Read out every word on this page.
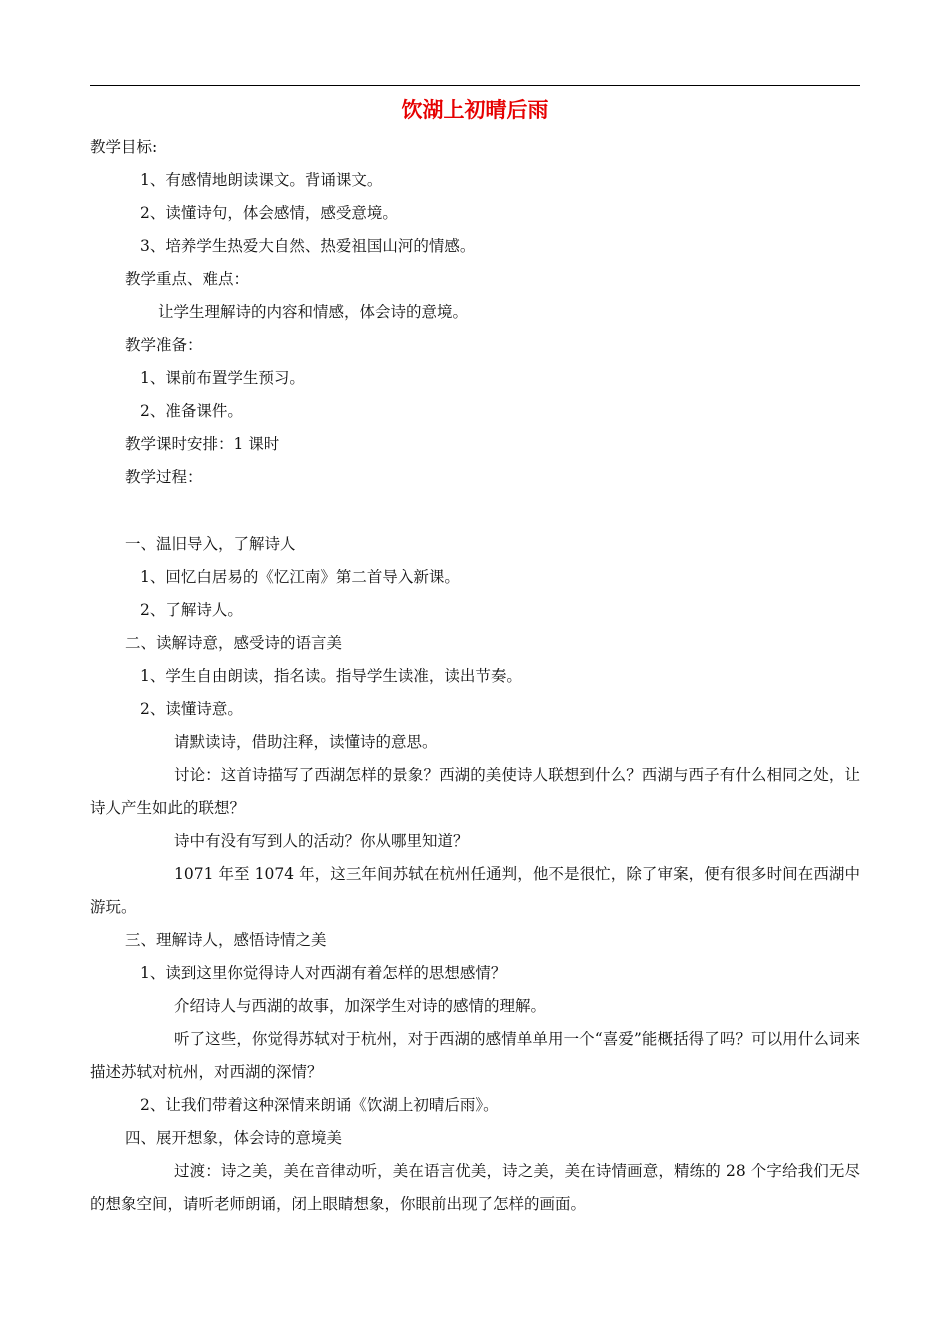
饮湖上初晴后雨
教学目标:
1、有感情地朗读课文。背诵课文。
2、读懂诗句，体会感情，感受意境。
3、培养学生热爱大自然、热爱祖国山河的情感。
教学重点、难点：
让学生理解诗的内容和情感，体会诗的意境。
教学准备：
1、课前布置学生预习。
2、准备课件。
教学课时安排：1 课时
教学过程：
一、温旧导入，了解诗人
1、回忆白居易的《忆江南》第二首导入新课。
2、了解诗人。
二、读解诗意，感受诗的语言美
1、学生自由朗读，指名读。指导学生读准，读出节奏。
2、读懂诗意。
请默读诗，借助注释，读懂诗的意思。

讨论：这首诗描写了西湖怎样的景象？西湖的美使诗人联想到什么？西湖与西子有什么相同之处，让诗人产生如此的联想？

诗中有没有写到人的活动？你从哪里知道？

1071 年至 1074 年，这三年间苏轼在杭州任通判，他不是很忙，除了审案，便有很多时间在西湖中游玩。

三、理解诗人，感悟诗情之美
1、读到这里你觉得诗人对西湖有着怎样的思想感情？
介绍诗人与西湖的故事，加深学生对诗的感情的理解。

听了这些，你觉得苏轼对于杭州，对于西湖的感情单单用一个“喜爱”能概括得了吗？可以用什么词来描述苏轼对杭州，对西湖的深情？

2、让我们带着这种深情来朗诵《饮湖上初晴后雨》。
四、展开想象，体会诗的意境美

过渡：诗之美，美在音律动听，美在语言优美，诗之美，美在诗情画意，精练的 28 个字给我们无尽的想象空间，请听老师朗诵，闭上眼睛想象，你眼前出现了怎样的画面。
